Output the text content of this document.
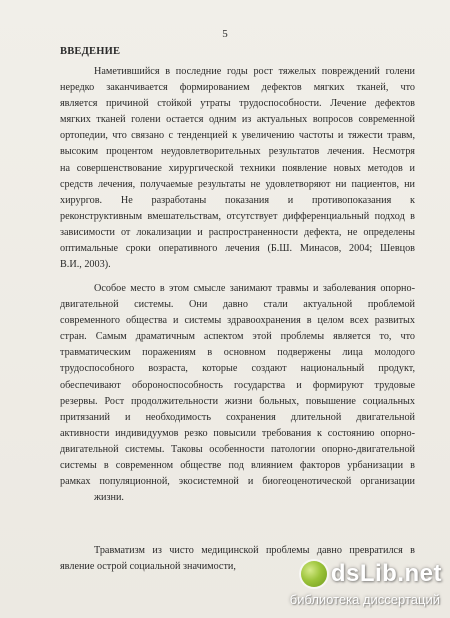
5
ВВЕДЕНИЕ
Наметившийся в последние годы рост тяжелых повреждений голени
нередко заканчивается формированием дефектов мягких тканей, что
является причиной стойкой утраты трудоспособности. Лечение дефектов
мягких тканей голени остается одним из актуальных вопросов современной
ортопедии, что связано с тенденцией к увеличению частоты и тяжести травм,
высоким процентом неудовлетворительных результатов лечения. Несмотря
на совершенствование хирургической техники появление новых методов и
средств лечения, получаемые результаты не удовлетворяют ни пациентов, ни
хирургов. Не разработаны показания и противопоказания к
реконструктивным вмешательствам, отсутствует дифференциальный подход в
зависимости от локализации и распространенности дефекта, не определены
оптимальные сроки оперативного лечения (Б.Ш. Минасов, 2004; Шевцов
В.И., 2003).
Особое место в этом смысле занимают травмы и заболевания опорно-
двигательной системы. Они давно стали актуальной проблемой
современного общества и системы здравоохранения в целом всех развитых
стран. Самым драматичным аспектом этой проблемы является то, что
травматическим поражениям в основном подвержены лица молодого
трудоспособного возраста, которые создают национальный продукт,
обеспечивают обороноспособность государства и формируют трудовые
резервы. Рост продолжительности жизни больных, повышение социальных
притязаний и необходимость сохранения длительной двигательной
активности индивидуумов резко повысили требования к состоянию опорно-
двигательной системы. Таковы особенности патологии опорно-двигательной
системы в современном обществе под влиянием факторов урбанизации в
рамках популяционной, экосистемной и биогеоценотической организации
жизни.
Травматизм из чисто медицинской проблемы давно превратился в
явление острой социальной значимости,	dsLib.net
библиотека диссертаций
